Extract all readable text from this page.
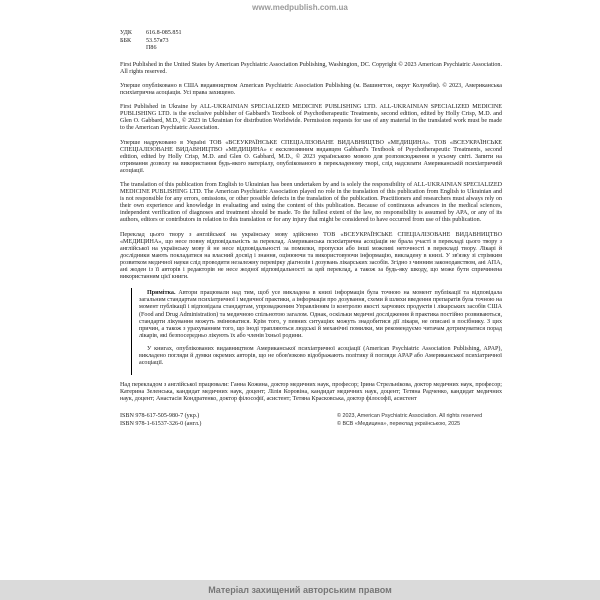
www.medpublish.com.ua
УДК	616.8-085.851
ББК	53.57я73
П86

First Published in the United States by American Psychiatric Association Publishing, Washington, DC. Copyright © 2023 American Psychiatric Association. All rights reserved.

Уперше опубліковано в США видавництвом American Psychiatric Association Publishing (м. Вашингтон, округ Колумбія). © 2023, Американська психіатрична асоціація. Усі права захищено.

First Published in Ukraine by ALL-UKRAINIAN SPECIALIZED MEDICINE PUBLISHING LTD. ALL-UKRAINIAN SPECIALIZED MEDICINE PUBLISHING LTD. is the exclusive publisher of Gabbard's Textbook of Psychotherapeutic Treatments, second edition, edited by Holly Crisp, M.D. and Glen O. Gabbard, M.D., © 2023 in Ukrainian for distribution Worldwide. Permission requests for use of any material in the translated work must be made to the American Psychiatric Association.

Уперше надруковано в Україні ТОВ «ВСЕУКРАЇНСЬКЕ СПЕЦІАЛІЗОВАНЕ ВИДАВНИЦТВО «МЕДИЦИНА». ТОВ «ВСЕУКРАЇНСЬКЕ СПЕЦІАЛІЗОВАНЕ ВИДАВНИЦТВО «МЕДИЦИНА» є ексклюзивним видавцем Gabbard's Textbook of Psychotherapeutic Treatments, second edition, edited by Holly Crisp, M.D. and Glen O. Gabbard, M.D., © 2023 українською мовою для розповсюдження в усьому світі. Запити на отримання дозволу на використання будь-якого матеріалу, опублікованого в перекладеному творі, слід надсилати Американській психіатричній асоціації.

The translation of this publication from English to Ukrainian has been undertaken by and is solely the responsibility of ALL-UKRAINIAN SPECIALIZED MEDICINE PUBLISHING LTD. The American Psychiatric Association played no role in the translation of this publication from English to Ukrainian and is not responsible for any errors, omissions, or other possible defects in the translation of the publication. Practitioners and researchers must always rely on their own experience and knowledge in evaluating and using the content of this publication. Because of continuous advances in the medical sciences, independent verification of diagnoses and treatment should be made. To the fullest extent of the law, no responsibility is assumed by APA, or any of its authors, editors or contributors in relation to this translation or for any injury that might be considered to have occurred from use of this publication.

Переклад цього твору з англійської на українську мову здійснено ТОВ «ВСЕУКРАЇНСЬКЕ СПЕЦІАЛІЗОВАНЕ ВИДАВНИЦТВО «МЕДИЦИНА», що несе повну відповідальність за переклад. Американська психіатрична асоціація не брала участі в перекладі цього твору з англійської на українську мову й не несе відповідальності за помилки, пропуски або інші можливі неточності в перекладі твору. Лікарі й дослідники мають покладатися на власний досвід і знання, оцінюючи та використовуючи інформацію, викладену в книзі. У зв'язку зі стрімким розвитком медичної науки слід проводити незалежну перевірку діагнозів і дозувань лікарських засобів. Згідно з чинним законодавством, ані АПА, ані жоден із її авторів і редакторів не несе жодної відповідальності за цей переклад, а також за будь-яку шкоду, що може бути спричинена використанням цієї книги.

Примітка. Автори працювали над тим, щоб усе викладена в книзі інформація була точною на момент публікації та відповідала загальним стандартам психіатричної і медичної практики, а інформація про дозування, схеми й шляхи введення препаратів була точною на момент публікації і відповідала стандартам, упровадженим Управлінням із контролю якості харчових продуктів і лікарських засобів США (Food and Drug Administration) та медичною спільнотою загалом. Однак, оскільки медичні дослідження й практика постійно розвиваються, стандарти лікування можуть змінюватися. Крім того, у певних ситуаціях можуть знадобитися дії лікаря, не описані в посібнику. З цих причин, а також з урахуванням того, що іноді трапляються людські й механічні помилки, ми рекомендуємо читачам дотримуватися порад лікарів, які безпосередньо лікують їх або членів їхньої родини.

У книгах, опублікованих видавництвом Американської психіатричної асоціації (American Psychiatric Association Publishing, APAP), викладено погляди й думки окремих авторів, що не обов'язково відображають політику й погляди APAP або Американської психіатричної асоціації.

Над перекладом з англійської працювали: Ганна Кожина, доктор медичних наук, професор; Ірина Стрельнікова, доктор медичних наук, професор; Катерина Зеленська, кандидат медичних наук, доцент; Лілія Коровіна, кандидат медичних наук, доцент; Тетяна Радченко, кандидат медичних наук, доцент; Анастасія Кондратенко, доктор філософії, асистент; Тетяна Красковська, доктор філософії, асистент

ISBN 978-617-505-980-7 (укр.)
ISBN 978-1-61537-326-0 (англ.)
© 2023, American Psychiatric Association. All rights reserved
© ВСВ «Медицина», переклад українською, 2025
Матеріал захищений авторським правом
